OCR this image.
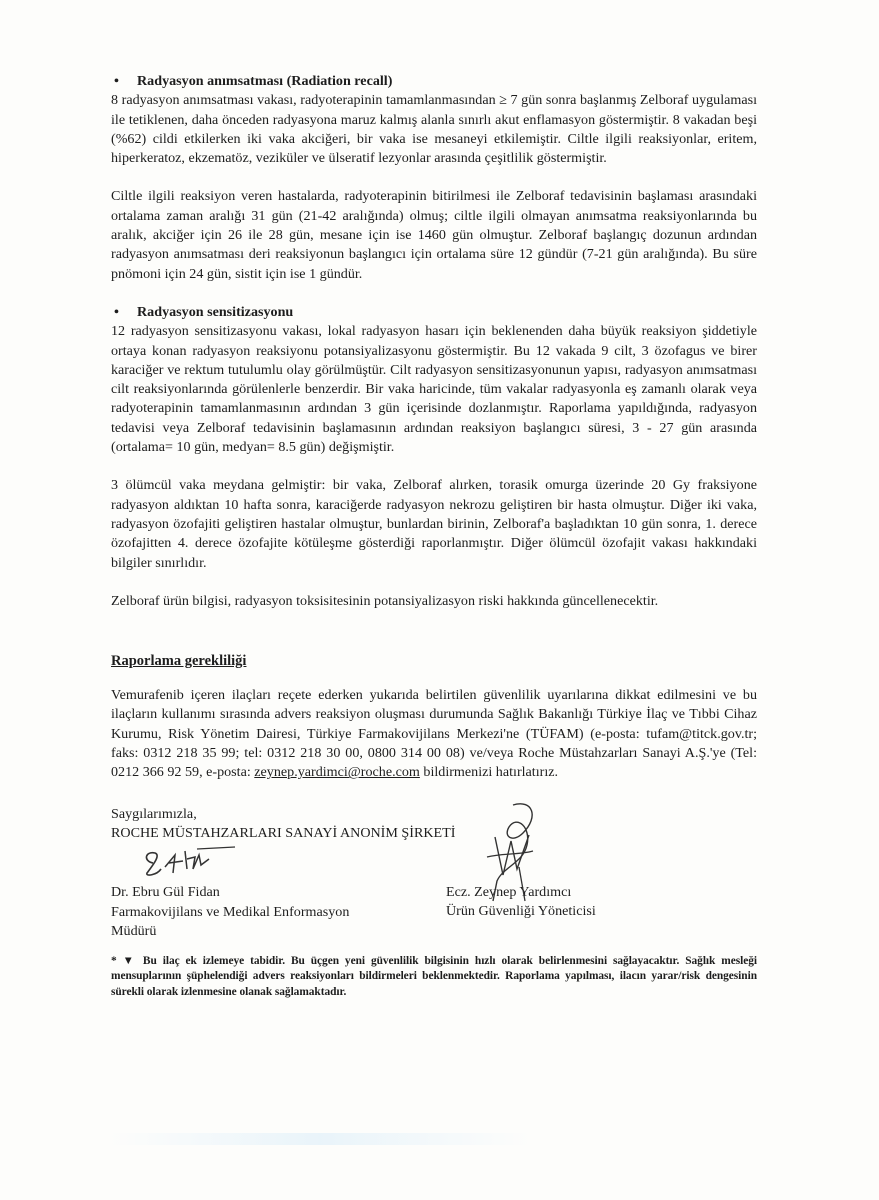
•	Radyasyon anımsatması (Radiation recall)

8 radyasyon anımsatması vakası, radyoterapinin tamamlanmasından ≥ 7 gün sonra başlanmış Zelboraf uygulaması ile tetiklenen, daha önceden radyasyona maruz kalmış alanla sınırlı akut enflamasyon göstermiştir. 8 vakadan beşi (%62) cildi etkilerken iki vaka akciğeri, bir vaka ise mesaneyi etkilemiştir. Ciltle ilgili reaksiyonlar, eritem, hiperkeratoz, ekzematöz, veziküler ve ülseratif lezyonlar arasında çeşitlilik göstermiştir.

Ciltle ilgili reaksiyon veren hastalarda, radyoterapinin bitirilmesi ile Zelboraf tedavisinin başlaması arasındaki ortalama zaman aralığı 31 gün (21-42 aralığında) olmuş; ciltle ilgili olmayan anımsatma reaksiyonlarında bu aralık, akciğer için 26 ile 28 gün, mesane için ise 1460 gün olmuştur. Zelboraf başlangıç dozunun ardından radyasyon anımsatması deri reaksiyonun başlangıcı için ortalama süre 12 gündür (7-21 gün aralığında). Bu süre pnömoni için 24 gün, sistit için ise 1 gündür.

•	Radyasyon sensitizasyonu

12 radyasyon sensitizasyonu vakası, lokal radyasyon hasarı için beklenenden daha büyük reaksiyon şiddetiyle ortaya konan radyasyon reaksiyonu potansiyalizasyonu göstermiştir. Bu 12 vakada 9 cilt, 3 özofagus ve birer karaciğer ve rektum tutulumlu olay görülmüştür. Cilt radyasyon sensitizasyonunun yapısı, radyasyon anımsatması cilt reaksiyonlarında görülenlerle benzerdir. Bir vaka haricinde, tüm vakalar radyasyonla eş zamanlı olarak veya radyoterapinin tamamlanmasının ardından 3 gün içerisinde dozlanmıştır. Raporlama yapıldığında, radyasyon tedavisi veya Zelboraf tedavisinin başlamasının ardından reaksiyon başlangıcı süresi, 3 - 27 gün arasında (ortalama= 10 gün, medyan= 8.5 gün) değişmiştir.

3 ölümcül vaka meydana gelmiştir: bir vaka, Zelboraf alırken, torasik omurga üzerinde 20 Gy fraksiyone radyasyon aldıktan 10 hafta sonra, karaciğerde radyasyon nekrozu geliştiren bir hasta olmuştur. Diğer iki vaka, radyasyon özofajiti geliştiren hastalar olmuştur, bunlardan birinin, Zelboraf'a başladıktan 10 gün sonra, 1. derece özofajitten 4. derece özofajite kötüleşme gösterdiği raporlanmıştır. Diğer ölümcül özofajit vakası hakkındaki bilgiler sınırlıdır.

Zelboraf ürün bilgisi, radyasyon toksisitesinin potansiyalizasyon riski hakkında güncellenecektir.

Raporlama gerekliliği

Vemurafenib içeren ilaçları reçete ederken yukarıda belirtilen güvenlilik uyarılarına dikkat edilmesini ve bu ilaçların kullanımı sırasında advers reaksiyon oluşması durumunda Sağlık Bakanlığı Türkiye İlaç ve Tıbbi Cihaz Kurumu, Risk Yönetim Dairesi, Türkiye Farmakovijilans Merkezi'ne (TÜFAM) (e-posta: tufam@titck.gov.tr; faks: 0312 218 35 99; tel: 0312 218 30 00, 0800 314 00 08) ve/veya Roche Müstahzarları Sanayi A.Ş.'ye (Tel: 0212 366 92 59, e-posta: zeynep.yardimci@roche.com bildirmenizi hatırlatırız.

Saygılarımızla,
ROCHE MÜSTAHZARLARI SANAYİ ANONİM ŞİRKETİ
Dr. Ebru Gül Fidan
Farmakovijilans ve Medikal Enformasyon
Müdürü
Ecz. Zeynep Yardımcı
Ürün Güvenliği Yöneticisi

* ▼ Bu ilaç ek izlemeye tabidir. Bu üçgen yeni güvenlilik bilgisinin hızlı olarak belirlenmesini sağlayacaktır. Sağlık mesleği mensuplarının şüphelendiği advers reaksiyonları bildirmeleri beklenmektedir. Raporlama yapılması, ilacın yarar/risk dengesinin sürekli olarak izlenmesine olanak sağlamaktadır.
